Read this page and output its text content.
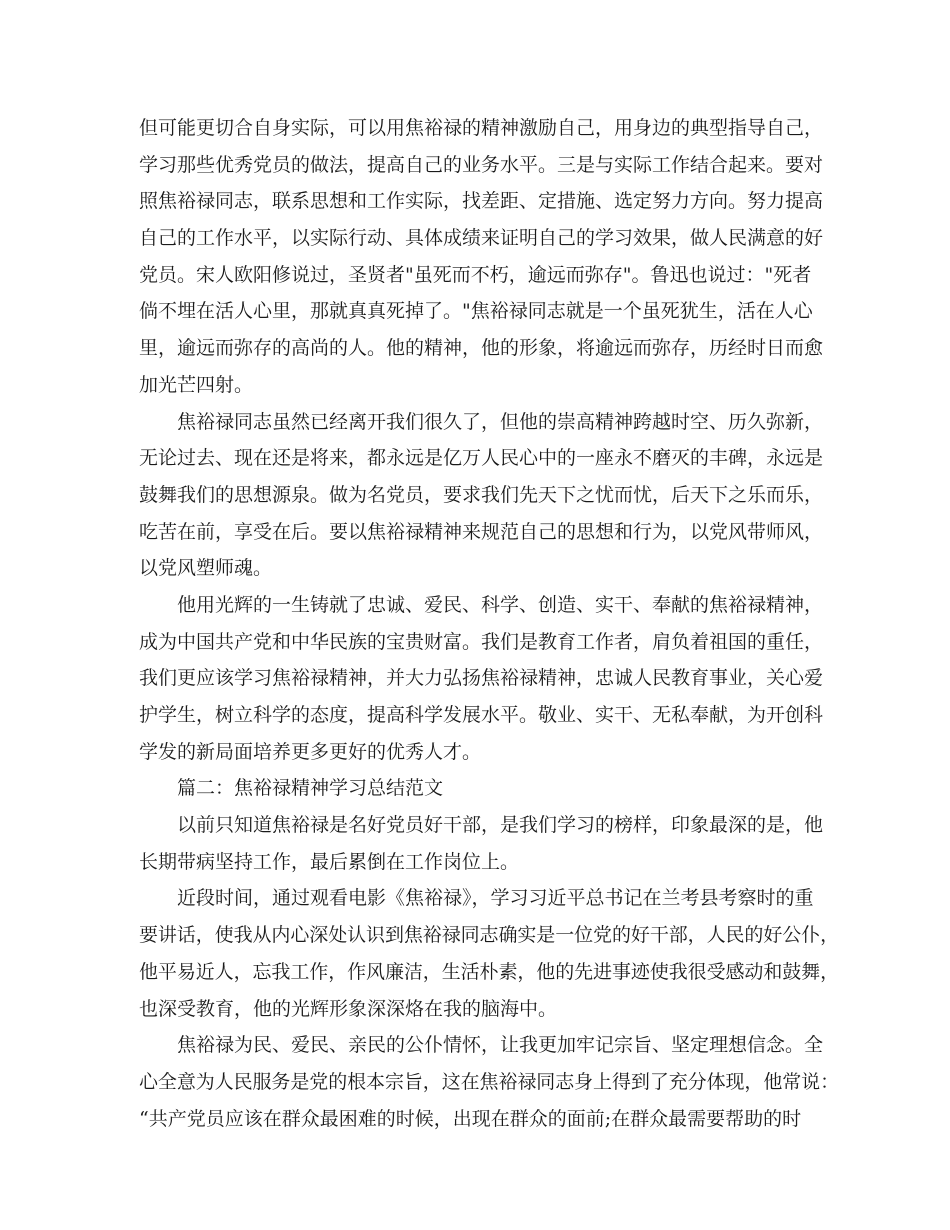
但可能更切合自身实际，可以用焦裕禄的精神激励自己，用身边的典型指导自己，
学习那些优秀党员的做法，提高自己的业务水平。三是与实际工作结合起来。要对
照焦裕禄同志，联系思想和工作实际，找差距、定措施、选定努力方向。努力提高
自己的工作水平，以实际行动、具体成绩来证明自己的学习效果，做人民满意的好
党员。宋人欧阳修说过，圣贤者"虽死而不朽，逾远而弥存"。鲁迅也说过："死者
倘不埋在活人心里，那就真真死掉了。"焦裕禄同志就是一个虽死犹生，活在人心
里，逾远而弥存的高尚的人。他的精神，他的形象，将逾远而弥存，历经时日而愈
加光芒四射。
焦裕禄同志虽然已经离开我们很久了，但他的崇高精神跨越时空、历久弥新，
无论过去、现在还是将来，都永远是亿万人民心中的一座永不磨灭的丰碑，永远是
鼓舞我们的思想源泉。做为名党员，要求我们先天下之忧而忧，后天下之乐而乐，
吃苦在前，享受在后。要以焦裕禄精神来规范自己的思想和行为，以党风带师风，
以党风塑师魂。
他用光辉的一生铸就了忠诚、爱民、科学、创造、实干、奉献的焦裕禄精神，
成为中国共产党和中华民族的宝贵财富。我们是教育工作者，肩负着祖国的重任，
我们更应该学习焦裕禄精神，并大力弘扬焦裕禄精神，忠诚人民教育事业，关心爱
护学生，树立科学的态度，提高科学发展水平。敬业、实干、无私奉献，为开创科
学发的新局面培养更多更好的优秀人才。
篇二：焦裕禄精神学习总结范文
以前只知道焦裕禄是名好党员好干部，是我们学习的榜样，印象最深的是，他
长期带病坚持工作，最后累倒在工作岗位上。
近段时间，通过观看电影《焦裕禄》，学习习近平总书记在兰考县考察时的重
要讲话，使我从内心深处认识到焦裕禄同志确实是一位党的好干部，人民的好公仆，
他平易近人，忘我工作，作风廉洁，生活朴素，他的先进事迹使我很受感动和鼓舞，
也深受教育，他的光辉形象深深烙在我的脑海中。
焦裕禄为民、爱民、亲民的公仆情怀，让我更加牢记宗旨、坚定理想信念。全
心全意为人民服务是党的根本宗旨，这在焦裕禄同志身上得到了充分体现，他常说：
“共产党员应该在群众最困难的时候，出现在群众的面前;在群众最需要帮助的时
